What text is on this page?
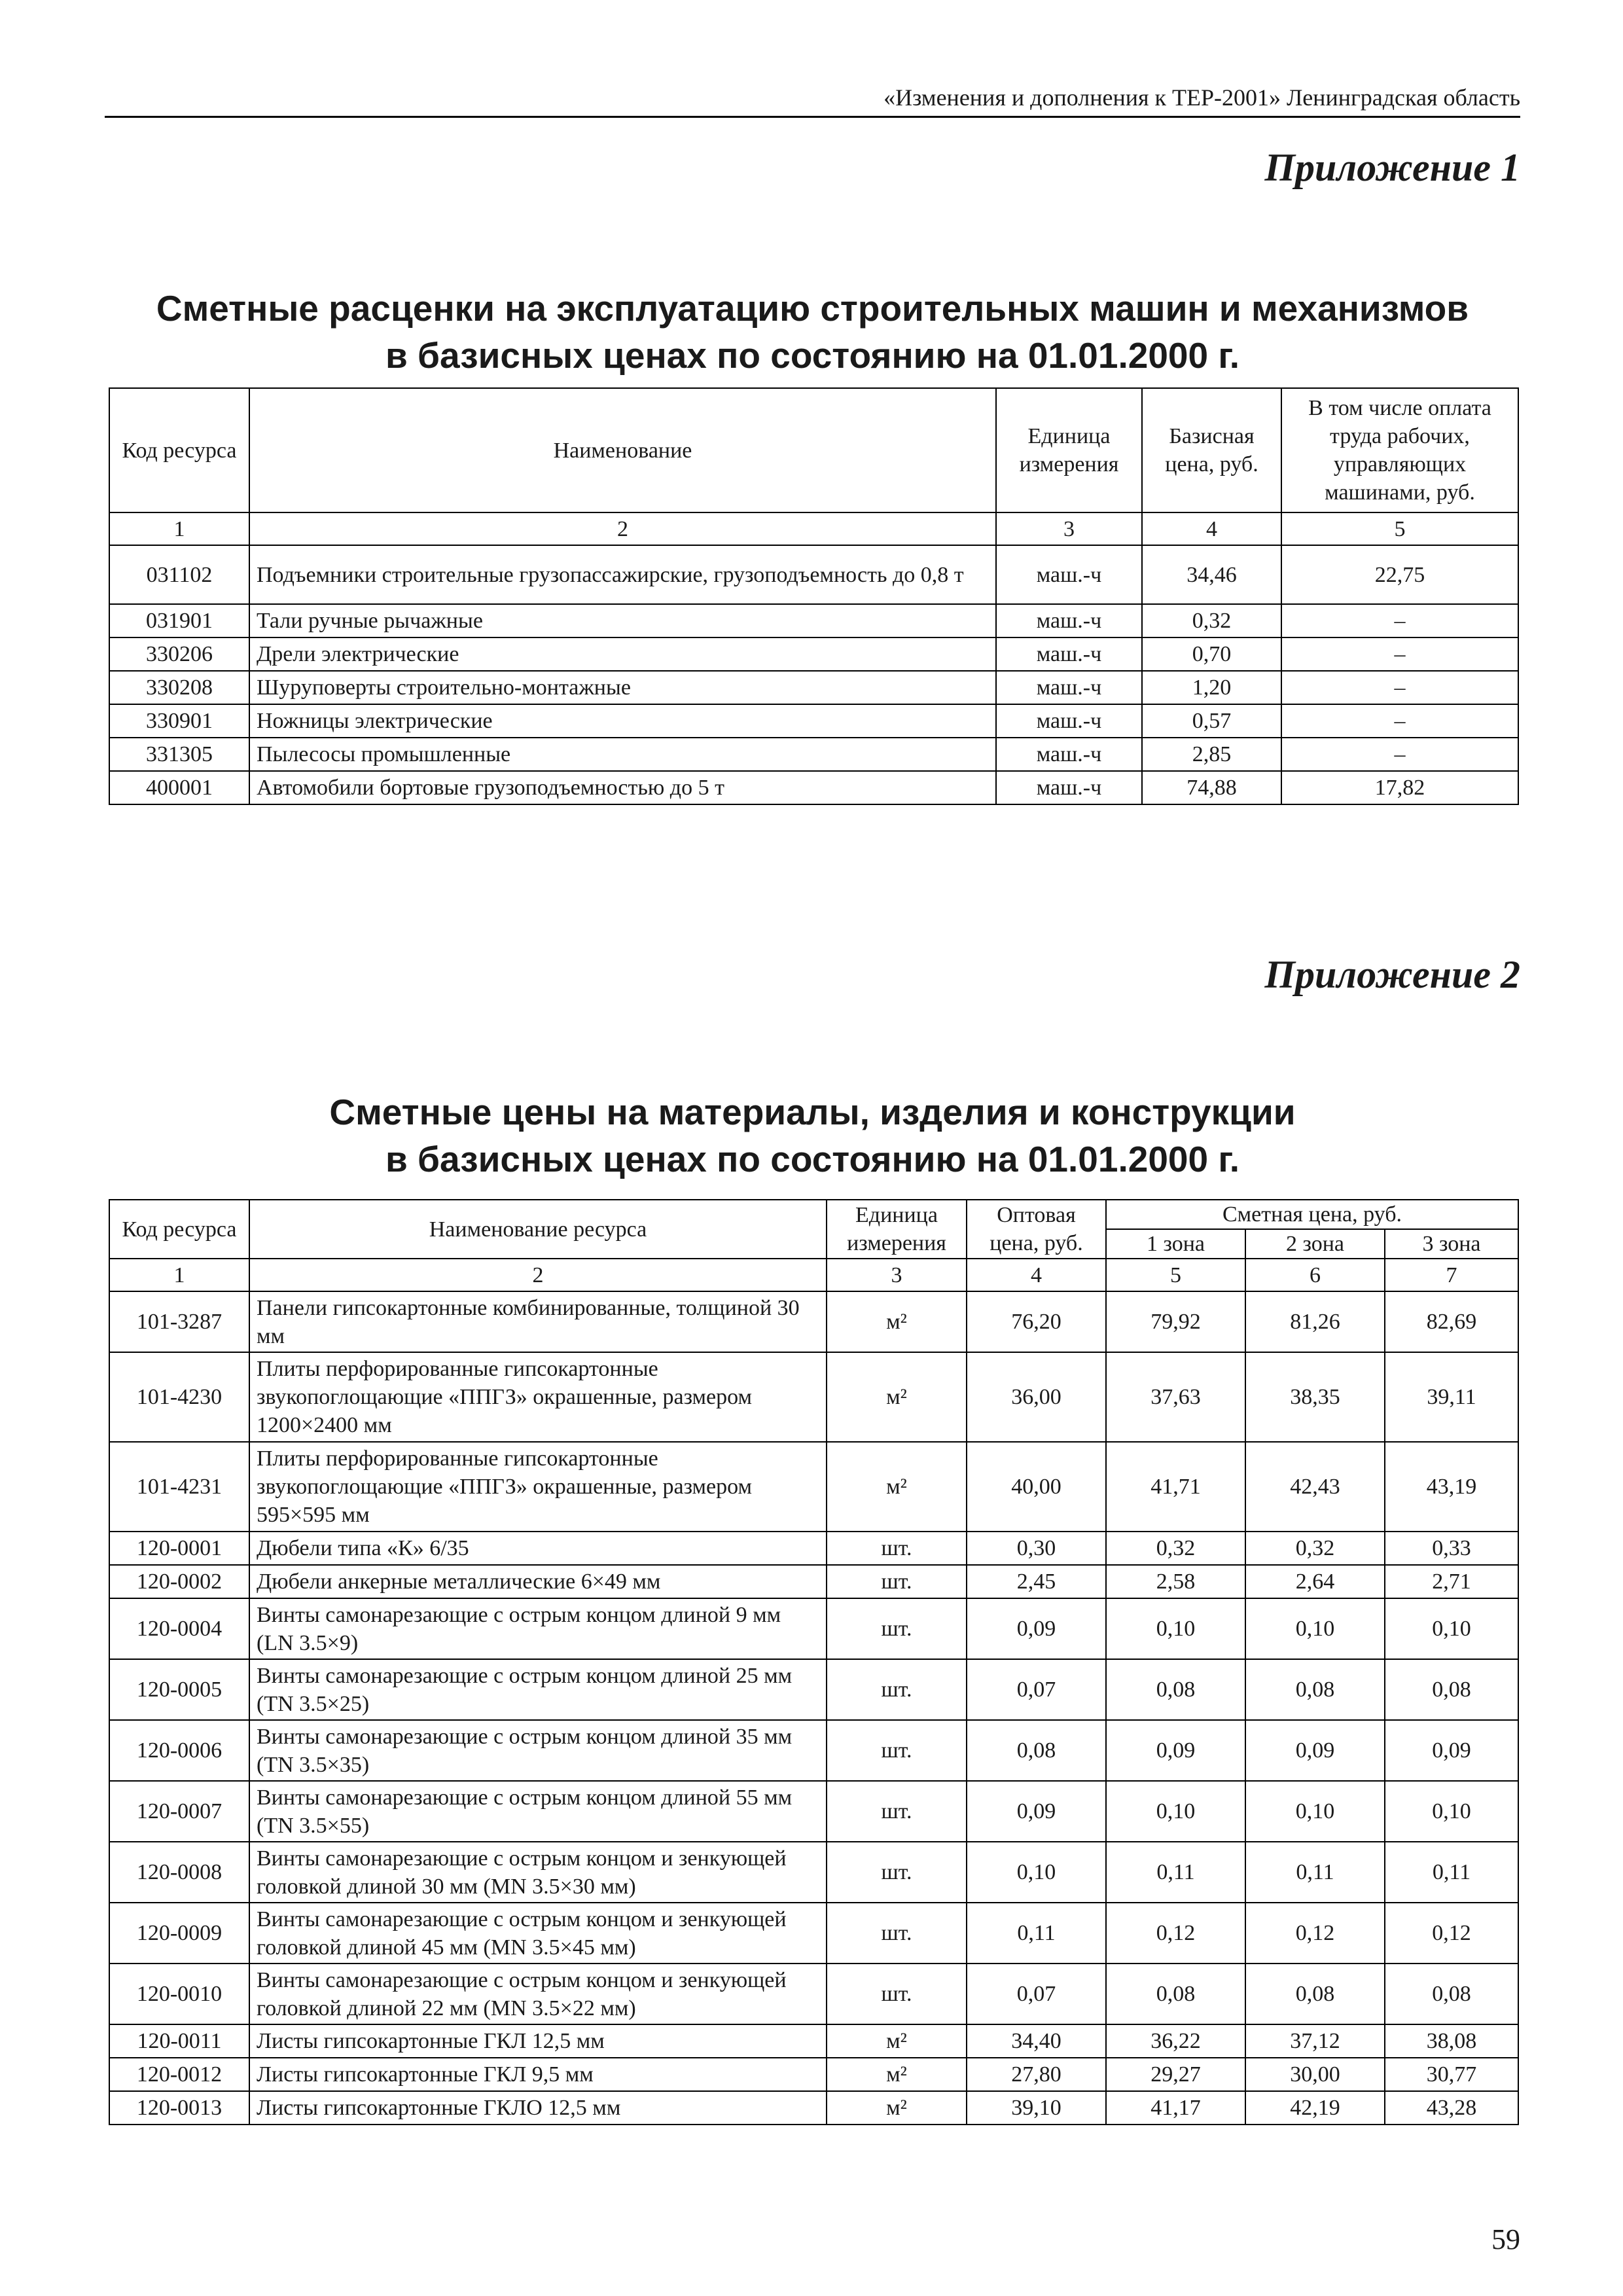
«Изменения и дополнения к ТЕР-2001» Ленинградская область
Приложение 1
Сметные расценки на эксплуатацию строительных машин и механизмов
в базисных ценах по состоянию на 01.01.2000 г.
Код ресурса	Наименование	Единица измерения	Базисная цена, руб.	В том числе оплата труда рабочих, управляющих машинами, руб.
1	2	3	4	5
031102	Подъемники строительные грузопассажирские, грузоподъемность до 0,8 т	маш.-ч	34,46	22,75
031901	Тали ручные рычажные	маш.-ч	0,32	–
330206	Дрели электрические	маш.-ч	0,70	–
330208	Шуруповерты строительно-монтажные	маш.-ч	1,20	–
330901	Ножницы электрические	маш.-ч	0,57	–
331305	Пылесосы промышленные	маш.-ч	2,85	–
400001	Автомобили бортовые грузоподъемностью до 5 т	маш.-ч	74,88	17,82
Приложение 2
Сметные цены на материалы, изделия и конструкции
в базисных ценах по состоянию на 01.01.2000 г.
Код ресурса	Наименование ресурса	Единица измерения	Оптовая цена, руб.	Сметная цена, руб.		
				1 зона	2 зона	3 зона
1	2	3	4	5	6	7
101-3287	Панели гипсокартонные комбинированные, толщиной 30 мм	м²	76,20	79,92	81,26	82,69
101-4230	Плиты перфорированные гипсокартонные звукопоглощающие «ППГЗ» окрашенные, размером 1200×2400 мм	м²	36,00	37,63	38,35	39,11
101-4231	Плиты перфорированные гипсокартонные звукопоглощающие «ППГЗ» окрашенные, размером 595×595 мм	м²	40,00	41,71	42,43	43,19
120-0001	Дюбели типа «К» 6/35	шт.	0,30	0,32	0,32	0,33
120-0002	Дюбели анкерные металлические 6×49 мм	шт.	2,45	2,58	2,64	2,71
120-0004	Винты самонарезающие с острым концом длиной 9 мм (LN 3.5×9)	шт.	0,09	0,10	0,10	0,10
120-0005	Винты самонарезающие с острым концом длиной 25 мм (TN 3.5×25)	шт.	0,07	0,08	0,08	0,08
120-0006	Винты самонарезающие с острым концом длиной 35 мм (TN 3.5×35)	шт.	0,08	0,09	0,09	0,09
120-0007	Винты самонарезающие с острым концом длиной 55 мм (TN 3.5×55)	шт.	0,09	0,10	0,10	0,10
120-0008	Винты самонарезающие с острым концом и зенкующей головкой длиной 30 мм (MN 3.5×30 мм)	шт.	0,10	0,11	0,11	0,11
120-0009	Винты самонарезающие с острым концом и зенкующей головкой длиной 45 мм (MN 3.5×45 мм)	шт.	0,11	0,12	0,12	0,12
120-0010	Винты самонарезающие с острым концом и зенкующей головкой длиной 22 мм (MN 3.5×22 мм)	шт.	0,07	0,08	0,08	0,08
120-0011	Листы гипсокартонные ГКЛ 12,5 мм	м²	34,40	36,22	37,12	38,08
120-0012	Листы гипсокартонные ГКЛ 9,5 мм	м²	27,80	29,27	30,00	30,77
120-0013	Листы гипсокартонные ГКЛО 12,5 мм	м²	39,10	41,17	42,19	43,28
59
